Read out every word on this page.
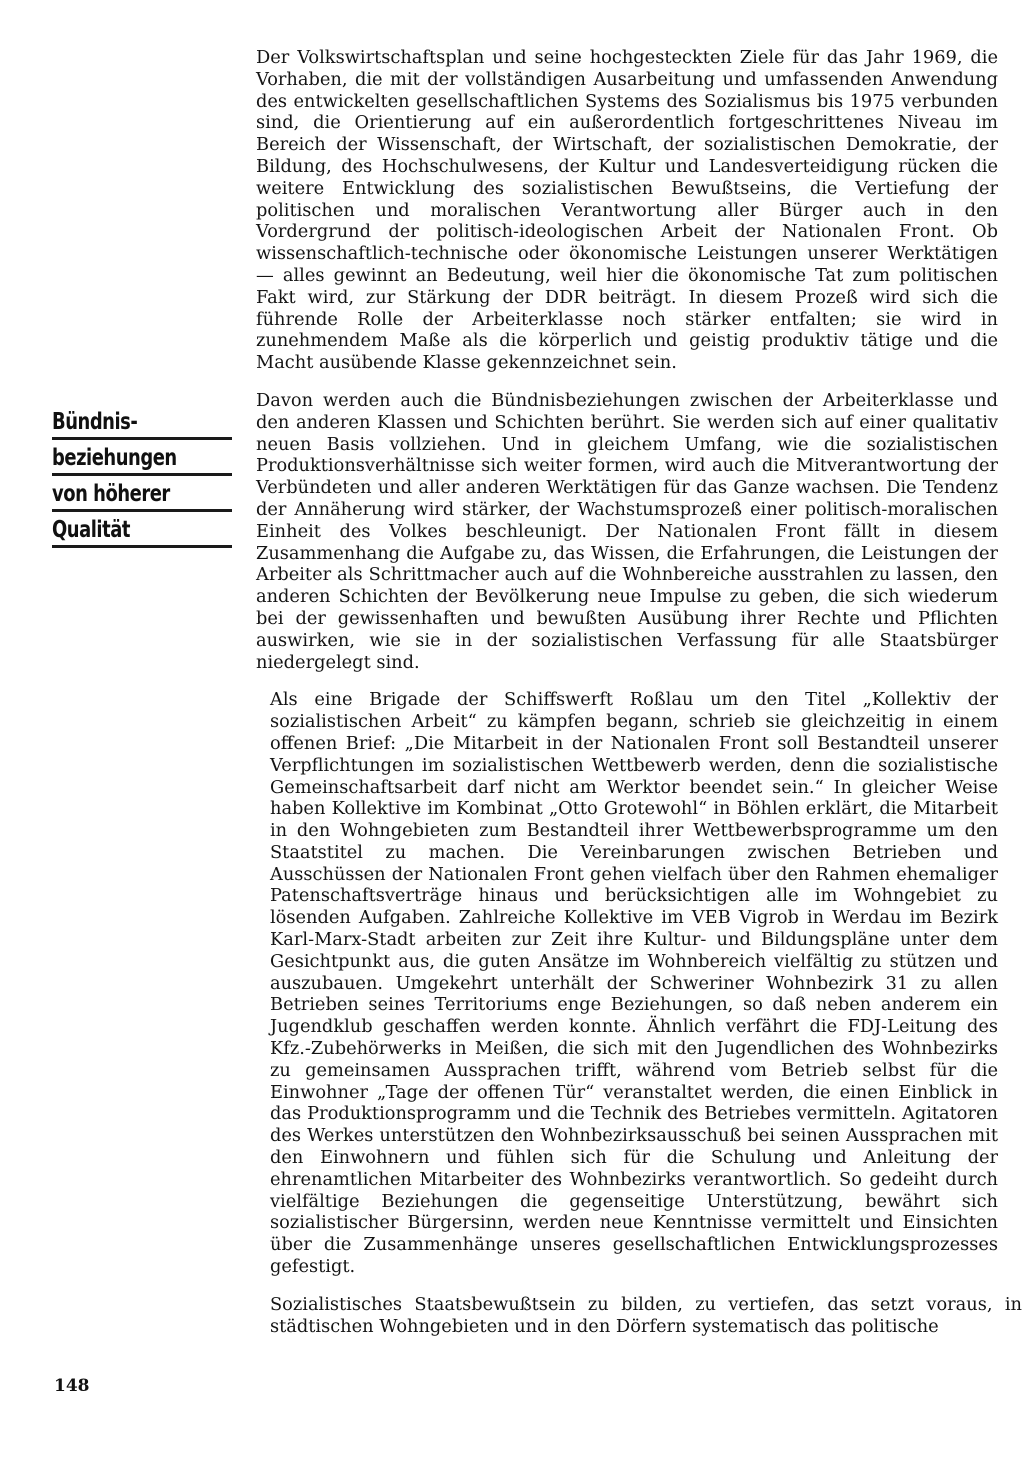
Bündnis-
beziehungen
von höherer
Qualität

Der Volkswirtschaftsplan und seine hochgesteckten Ziele für das Jahr 1969, die Vorhaben, die mit der vollständigen Ausarbeitung und umfassenden Anwendung des entwickelten gesellschaftlichen Systems des Sozialismus bis 1975 verbunden sind, die Orientierung auf ein außerordentlich fortgeschrittenes Niveau im Bereich der Wissenschaft, der Wirtschaft, der sozialistischen Demokratie, der Bildung, des Hochschulwesens, der Kultur und Landesverteidigung rücken die weitere Entwicklung des sozialistischen Bewußtseins, die Vertiefung der politischen und moralischen Verantwortung aller Bürger auch in den Vordergrund der politisch-ideologischen Arbeit der Nationalen Front. Ob wissenschaftlich-technische oder ökonomische Leistungen unserer Werktätigen — alles gewinnt an Bedeutung, weil hier die ökonomische Tat zum politischen Fakt wird, zur Stärkung der DDR beiträgt. In diesem Prozeß wird sich die führende Rolle der Arbeiterklasse noch stärker entfalten; sie wird in zunehmendem Maße als die körperlich und geistig produktiv tätige und die Macht ausübende Klasse gekennzeichnet sein.

Davon werden auch die Bündnisbeziehungen zwischen der Arbeiterklasse und den anderen Klassen und Schichten berührt. Sie werden sich auf einer qualitativ neuen Basis vollziehen. Und in gleichem Umfang, wie die sozialistischen Produktionsverhältnisse sich weiter formen, wird auch die Mitverantwortung der Verbündeten und aller anderen Werktätigen für das Ganze wachsen. Die Tendenz der Annäherung wird stärker, der Wachstumsprozeß einer politisch-moralischen Einheit des Volkes beschleunigt. Der Nationalen Front fällt in diesem Zusammenhang die Aufgabe zu, das Wissen, die Erfahrungen, die Leistungen der Arbeiter als Schrittmacher auch auf die Wohnbereiche ausstrahlen zu lassen, den anderen Schichten der Bevölkerung neue Impulse zu geben, die sich wiederum bei der gewissenhaften und bewußten Ausübung ihrer Rechte und Pflichten auswirken, wie sie in der sozialistischen Verfassung für alle Staatsbürger niedergelegt sind.

Als eine Brigade der Schiffswerft Roßlau um den Titel „Kollektiv der sozialistischen Arbeit“ zu kämpfen begann, schrieb sie gleichzeitig in einem offenen Brief: „Die Mitarbeit in der Nationalen Front soll Bestandteil unserer Verpflichtungen im sozialistischen Wettbewerb werden, denn die sozialistische Gemeinschaftsarbeit darf nicht am Werktor beendet sein.“ In gleicher Weise haben Kollektive im Kombinat „Otto Grotewohl“ in Böhlen erklärt, die Mitarbeit in den Wohngebieten zum Bestandteil ihrer Wettbewerbsprogramme um den Staatstitel zu machen. Die Vereinbarungen zwischen Betrieben und Ausschüssen der Nationalen Front gehen vielfach über den Rahmen ehemaliger Patenschaftsverträge hinaus und berücksichtigen alle im Wohngebiet zu lösenden Aufgaben. Zahlreiche Kollektive im VEB Vigrob in Werdau im Bezirk Karl-Marx-Stadt arbeiten zur Zeit ihre Kultur- und Bildungspläne unter dem Gesichtpunkt aus, die guten Ansätze im Wohnbereich vielfältig zu stützen und auszubauen. Umgekehrt unterhält der Schweriner Wohnbezirk 31 zu allen Betrieben seines Territoriums enge Beziehungen, so daß neben anderem ein Jugendklub geschaffen werden konnte. Ähnlich verfährt die FDJ-Leitung des Kfz.-Zubehörwerks in Meißen, die sich mit den Jugendlichen des Wohnbezirks zu gemeinsamen Aussprachen trifft, während vom Betrieb selbst für die Einwohner „Tage der offenen Tür“ veranstaltet werden, die einen Einblick in das Produktionsprogramm und die Technik des Betriebes vermitteln. Agitatoren des Werkes unterstützen den Wohnbezirksausschuß bei seinen Aussprachen mit den Einwohnern und fühlen sich für die Schulung und Anleitung der ehrenamtlichen Mitarbeiter des Wohnbezirks verantwortlich. So gedeiht durch vielfältige Beziehungen die gegenseitige Unterstützung, bewährt sich sozialistischer Bürgersinn, werden neue Kenntnisse vermittelt und Einsichten über die Zusammenhänge unseres gesellschaftlichen Entwicklungsprozesses gefestigt.

Sozialistisches Staatsbewußtsein zu bilden, zu vertiefen, das setzt voraus, in städtischen Wohngebieten und in den Dörfern systematisch das politische

148
